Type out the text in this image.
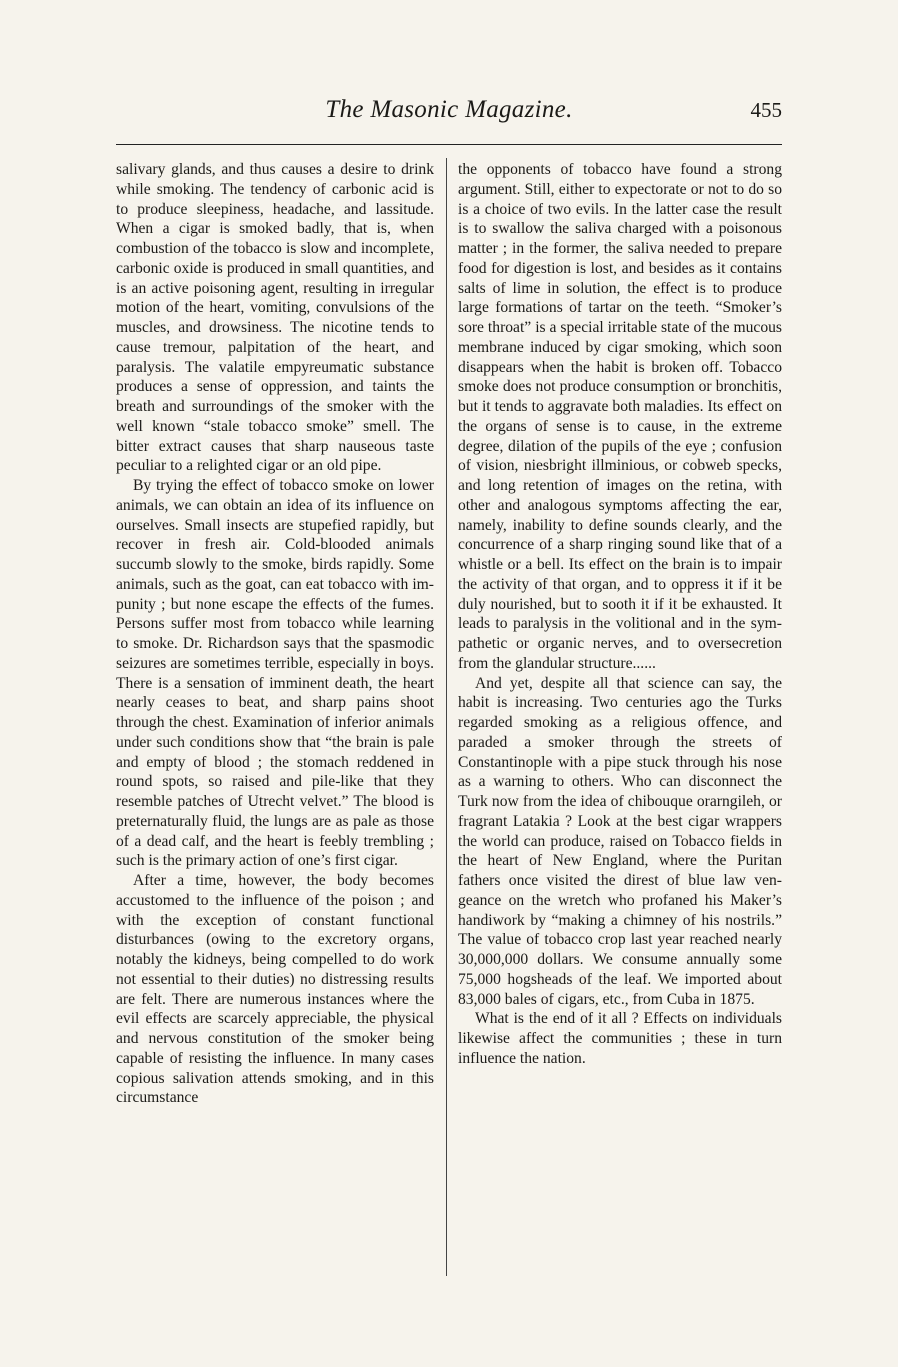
The Masonic Magazine.	455

salivary glands, and thus causes a desire to drink while smoking. The tendency of carbonic acid is to produce sleepiness, headache, and lassitude. When a cigar is smoked badly, that is, when combustion of the tobacco is slow and incomplete, carbonic oxide is produced in small quantities, and is an active poisoning agent, resulting in irregular motion of the heart, vomiting, convulsions of the muscles, and drowsiness. The nicotine tends to cause tremour, palpitation of the heart, and paralysis. The valatile empyreumatic substance produces a sense of oppression, and taints the breath and surroundings of the smoker with the well known “stale tobacco smoke” smell. The bitter extract causes that sharp nauseous taste peculiar to a relighted cigar or an old pipe.

By trying the effect of tobacco smoke on lower animals, we can obtain an idea of its influence on ourselves. Small insects are stupefied rapidly, but recover in fresh air. Cold-blooded animals succumb slowly to the smoke, birds rapidly. Some animals, such as the goat, can eat tobacco with impunity ; but none escape the effects of the fumes. Persons suffer most from tobacco while learning to smoke. Dr. Richardson says that the spasmodic seizures are sometimes terrible, especially in boys. There is a sensation of imminent death, the heart nearly ceases to beat, and sharp pains shoot through the chest. Examination of inferior animals under such conditions show that “the brain is pale and empty of blood ; the stomach reddened in round spots, so raised and pile-like that they resemble patches of Utrecht velvet.” The blood is preternaturally fluid, the lungs are as pale as those of a dead calf, and the heart is feebly trembling ; such is the primary action of one’s first cigar.

After a time, however, the body becomes accustomed to the influence of the poison ; and with the exception of constant functional disturbances (owing to the excretory organs, notably the kidneys, being compelled to do work not essential to their duties) no distressing results are felt. There are numerous instances where the evil effects are scarcely appreciable, the physical and nervous constitution of the smoker being capable of resisting the influence. In many cases copious salivation attends smoking, and in this circumstance

the opponents of tobacco have found a strong argument. Still, either to expectorate or not to do so is a choice of two evils. In the latter case the result is to swallow the saliva charged with a poisonous matter ; in the former, the saliva needed to prepare food for digestion is lost, and besides as it contains salts of lime in solution, the effect is to produce large formations of tartar on the teeth. “Smoker’s sore throat” is a special irritable state of the mucous membrane induced by cigar smoking, which soon disappears when the habit is broken off. Tobacco smoke does not produce consumption or bronchitis, but it tends to aggravate both maladies. Its effect on the organs of sense is to cause, in the extreme degree, dilation of the pupils of the eye ; confusion of vision, niesbright illminious, or cobweb specks, and long retention of images on the retina, with other and analogous symptoms affecting the ear, namely, inability to define sounds clearly, and the concurrence of a sharp ringing sound like that of a whistle or a bell. Its effect on the brain is to impair the activity of that organ, and to oppress it if it be duly nourished, but to sooth it if it be exhausted. It leads to paralysis in the volitional and in the sympathetic or organic nerves, and to oversecretion from the glandular structure......

And yet, despite all that science can say, the habit is increasing. Two centuries ago the Turks regarded smoking as a religious offence, and paraded a smoker through the streets of Constantinople with a pipe stuck through his nose as a warning to others. Who can disconnect the Turk now from the idea of chibouque orarngileh, or fragrant Latakia ? Look at the best cigar wrappers the world can produce, raised on Tobacco fields in the heart of New England, where the Puritan fathers once visited the direst of blue law vengeance on the wretch who profaned his Maker’s handiwork by “making a chimney of his nostrils.” The value of tobacco crop last year reached nearly 30,000,000 dollars. We consume annually some 75,000 hogsheads of the leaf. We imported about 83,000 bales of cigars, etc., from Cuba in 1875.

What is the end of it all ? Effects on individuals likewise affect the communities ; these in turn influence the nation.
